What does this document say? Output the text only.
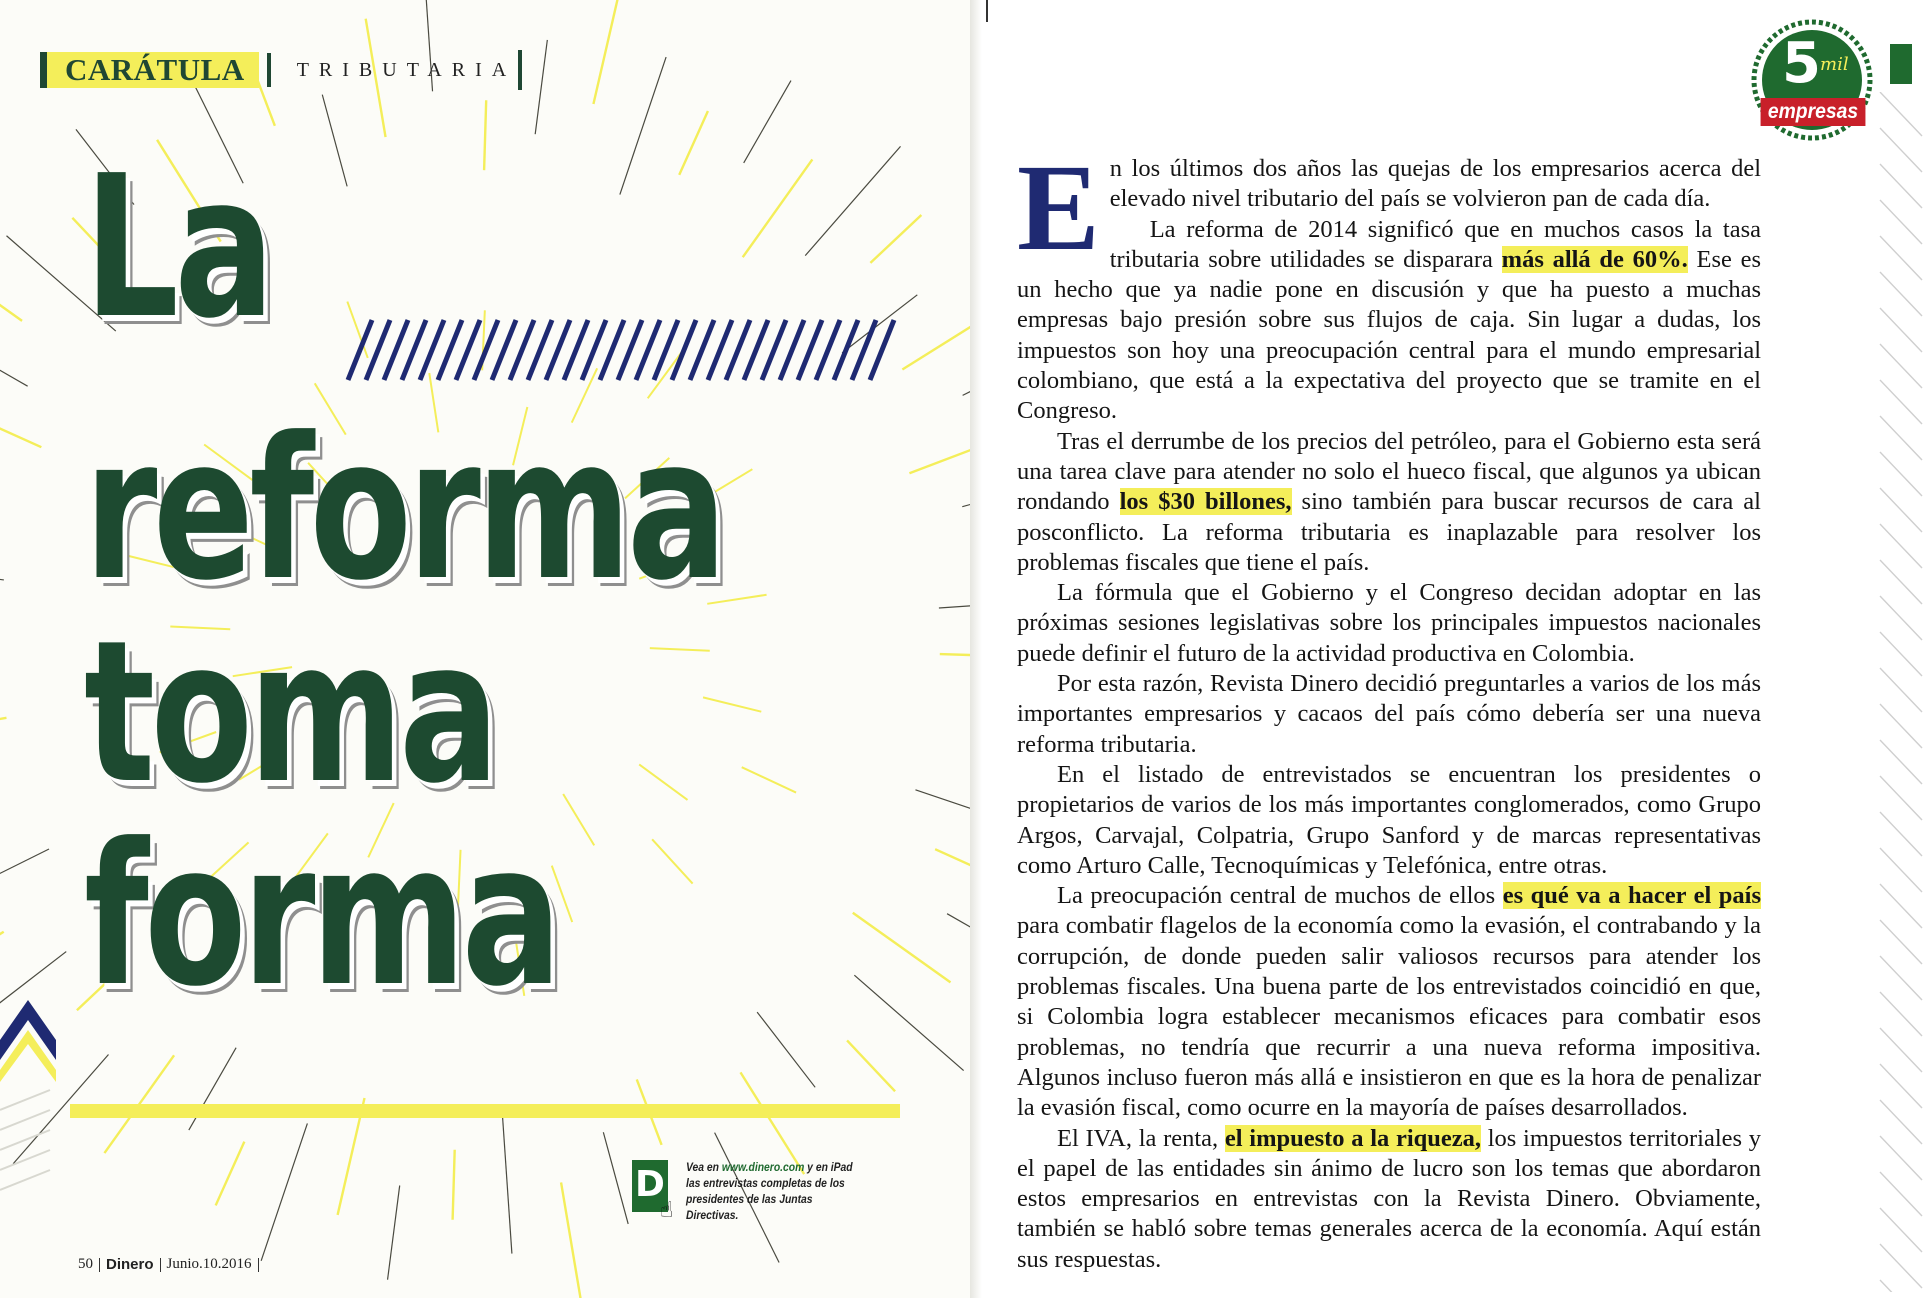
CARÁTULA	TRIBUTARIA
La
reforma
toma
forma
D
☝
Vea en www.dinero.com y en iPad las entrevistas completas de los presidentes de las Juntas Directivas.
50 Dinero Junio.10.2016
5 mil
empresas

En los últimos dos años las quejas de los empresarios acerca del elevado nivel tributario del país se volvieron pan de cada día.

La reforma de 2014 significó que en muchos casos la tasa tributaria sobre utilidades se disparara más allá de 60%. Ese es un hecho que ya nadie pone en discusión y que ha puesto a muchas empresas bajo presión sobre sus flujos de caja. Sin lugar a dudas, los impuestos son hoy una preocupación central para el mundo empresarial colombiano, que está a la expectativa del proyecto que se tramite en el Congreso.

Tras el derrumbe de los precios del petróleo, para el Gobierno esta será una tarea clave para atender no solo el hueco fiscal, que algunos ya ubican rondando los $30 billones, sino también para buscar recursos de cara al posconflicto. La reforma tributaria es inaplazable para resolver los problemas fiscales que tiene el país.

La fórmula que el Gobierno y el Congreso decidan adoptar en las próximas sesiones legislativas sobre los principales impuestos nacionales puede definir el futuro de la actividad productiva en Colombia.

Por esta razón, Revista Dinero decidió preguntarles a varios de los más importantes empresarios y cacaos del país cómo debería ser una nueva reforma tributaria.

En el listado de entrevistados se encuentran los presidentes o propietarios de varios de los más importantes conglomerados, como Grupo Argos, Carvajal, Colpatria, Grupo Sanford y de marcas representativas como Arturo Calle, Tecnoquímicas y Telefónica, entre otras.

La preocupación central de muchos de ellos es qué va a hacer el país para combatir flagelos de la economía como la evasión, el contrabando y la corrupción, de donde pueden salir valiosos recursos para atender los problemas fiscales. Una buena parte de los entrevistados coincidió en que, si Colombia logra establecer mecanismos eficaces para combatir esos problemas, no tendría que recurrir a una nueva reforma impositiva. Algunos incluso fueron más allá e insistieron en que es la hora de penalizar la evasión fiscal, como ocurre en la mayoría de países desarrollados.

El IVA, la renta, el impuesto a la riqueza, los impuestos territoriales y el papel de las entidades sin ánimo de lucro son los temas que abordaron estos empresarios en entrevistas con la Revista Dinero. Obviamente, también se habló sobre temas generales acerca de la economía. Aquí están sus respuestas.
